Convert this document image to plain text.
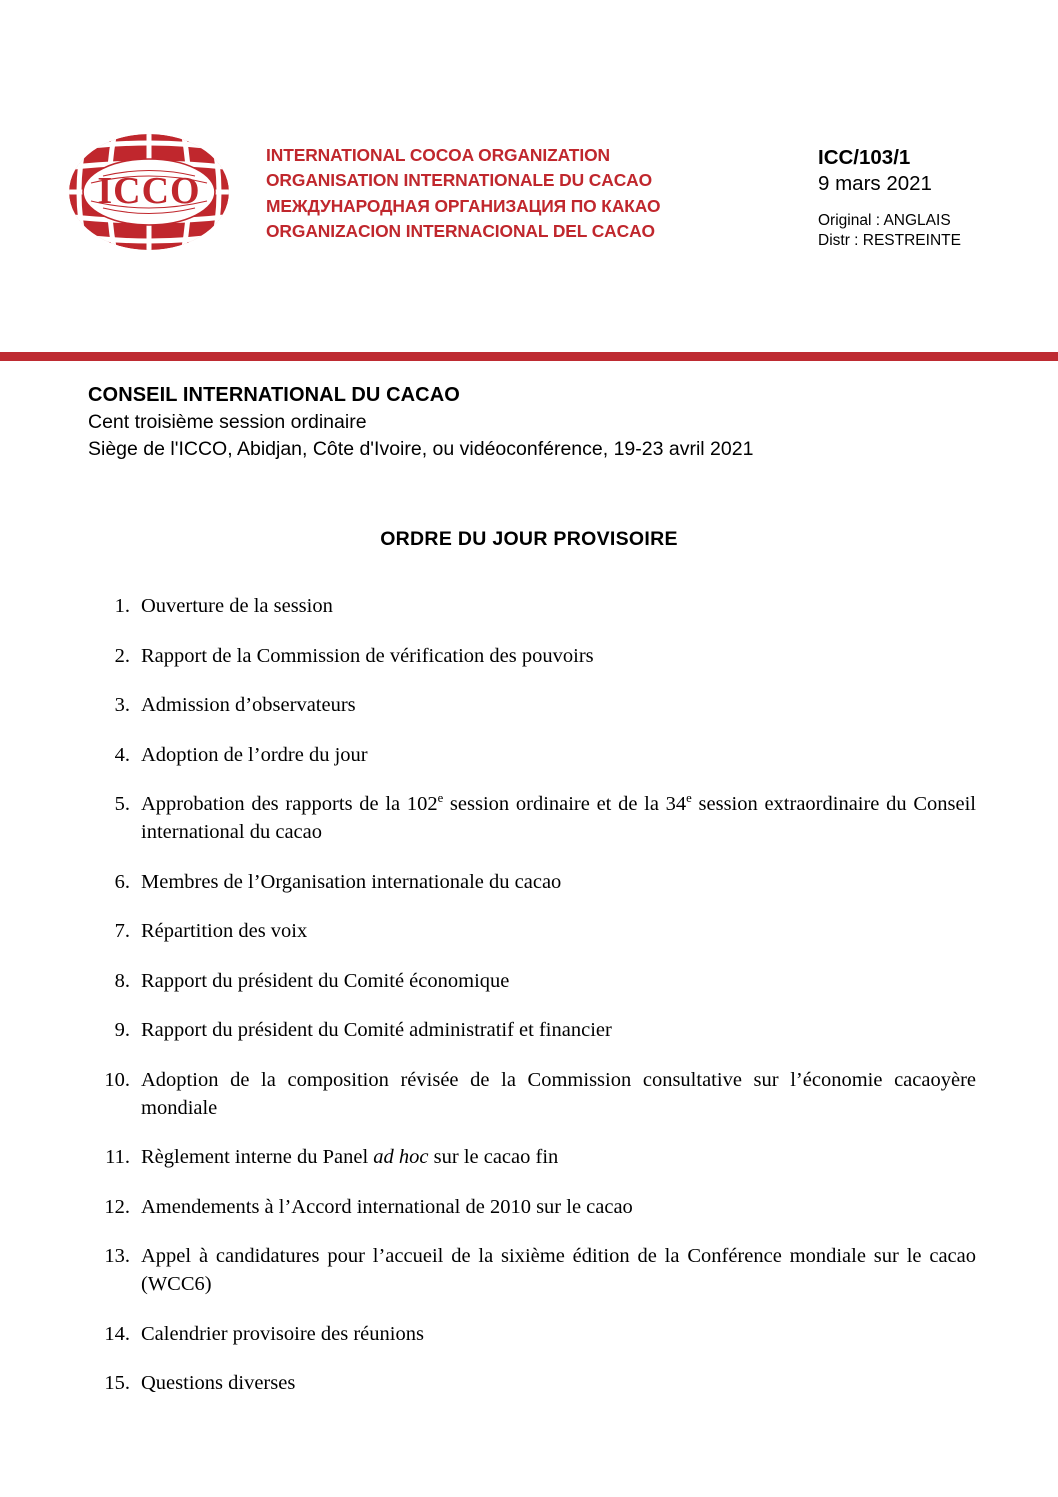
ICCO
INTERNATIONAL COCOA ORGANIZATION
ORGANISATION INTERNATIONALE DU CACAO
МЕЖДУНАРОДНАЯ ОРГАНИЗАЦИЯ ПО КАКАО
ORGANIZACION INTERNACIONAL DEL CACAO
ICC/103/1
9 mars 2021
Original : ANGLAIS
Distr : RESTREINTE
CONSEIL INTERNATIONAL DU CACAO
Cent troisième session ordinaire
Siège de l'ICCO, Abidjan, Côte d'Ivoire, ou vidéoconférence, 19-23 avril 2021
ORDRE DU JOUR PROVISOIRE
1. Ouverture de la session
2. Rapport de la Commission de vérification des pouvoirs
3. Admission d’observateurs
4. Adoption de l’ordre du jour
5. Approbation des rapports de la 102e session ordinaire et de la 34e session extraordinaire du Conseil international du cacao
6. Membres de l’Organisation internationale du cacao
7. Répartition des voix
8. Rapport du président du Comité économique
9. Rapport du président du Comité administratif et financier
10. Adoption de la composition révisée de la Commission consultative sur l’économie cacaoyère mondiale
11. Règlement interne du Panel ad hoc sur le cacao fin
12. Amendements à l’Accord international de 2010 sur le cacao
13. Appel à candidatures pour l’accueil de la sixième édition de la Conférence mondiale sur le cacao (WCC6)
14. Calendrier provisoire des réunions
15. Questions diverses
